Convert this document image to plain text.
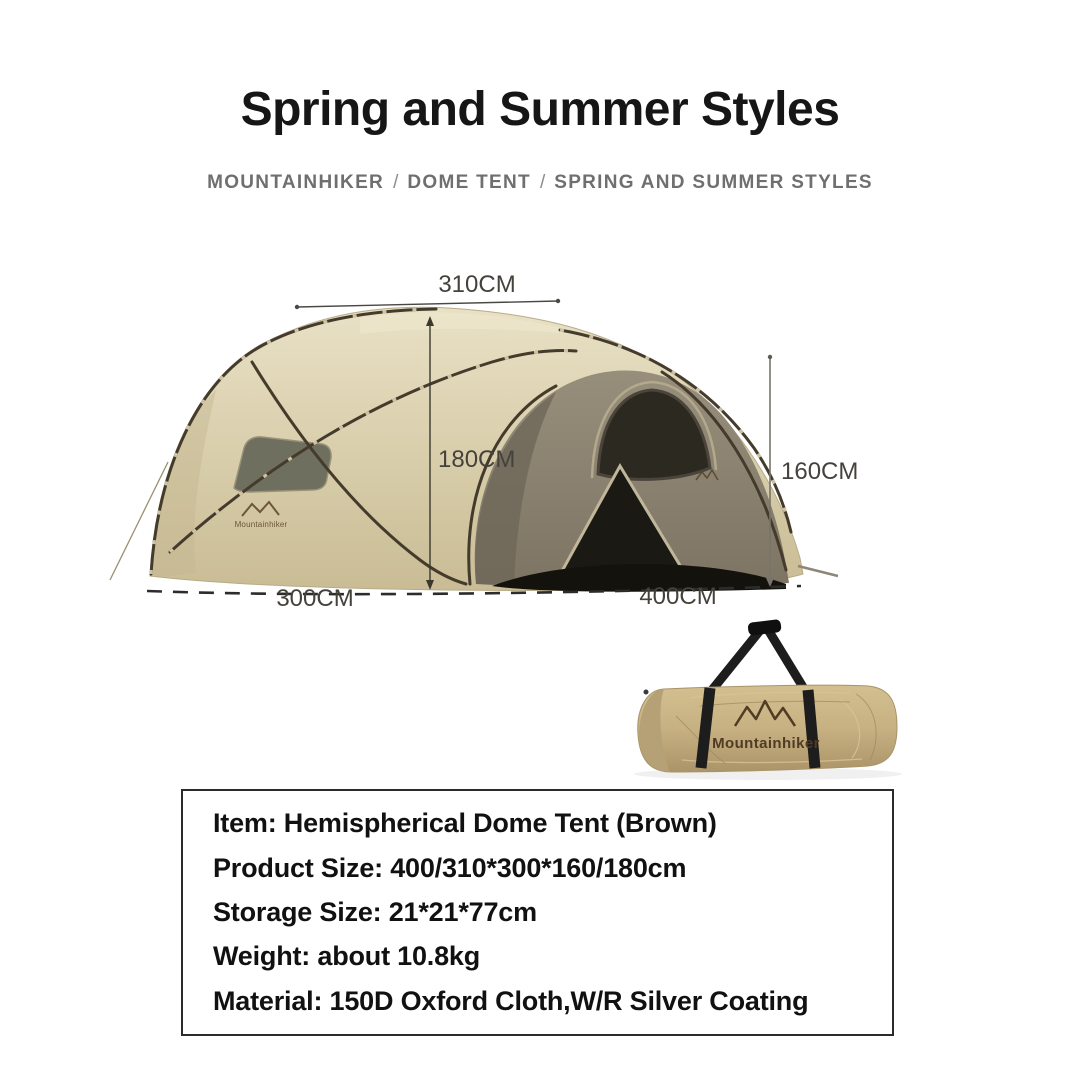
Spring and Summer Styles
MOUNTAINHIKER / DOME TENT / SPRING AND SUMMER STYLES
Mountainhiker
310CM
180CM	160CM
300CM	400CM
Mountainhiker
Item: Hemispherical Dome Tent (Brown)
Product Size: 400/310*300*160/180cm
Storage Size: 21*21*77cm
Weight: about 10.8kg
Material: 150D Oxford Cloth,W/R Silver Coating
